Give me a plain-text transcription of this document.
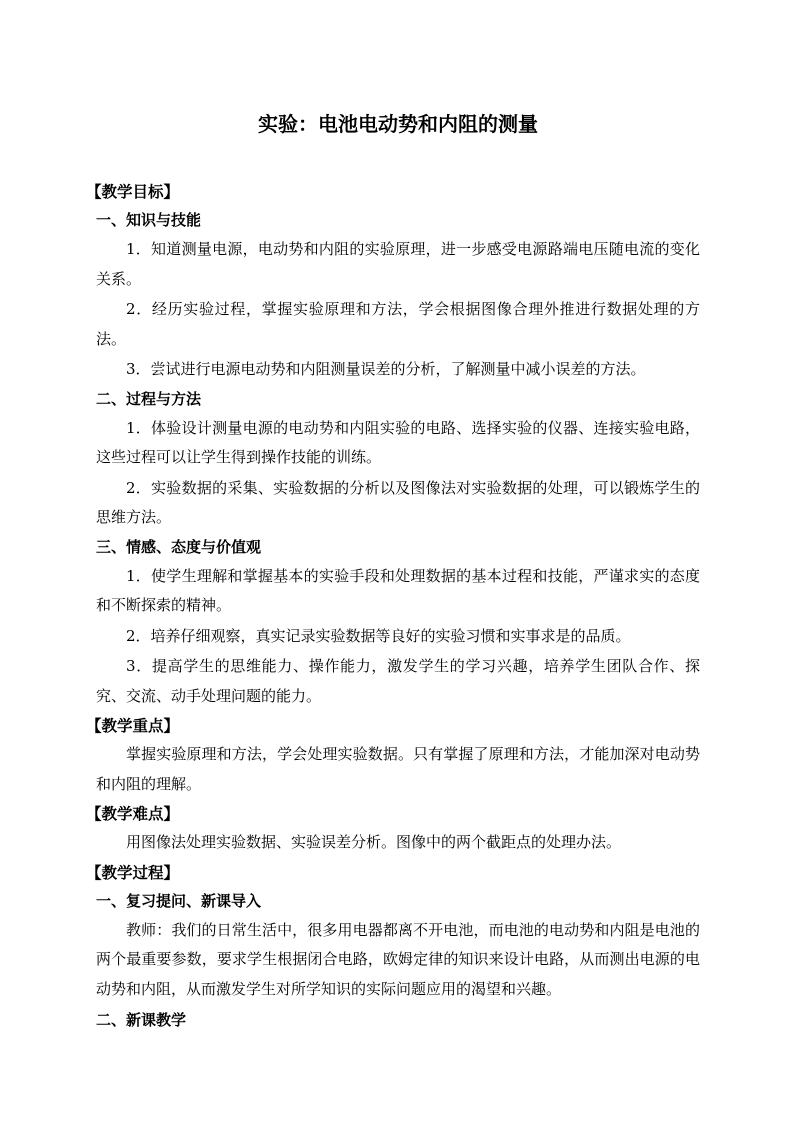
实验：电池电动势和内阻的测量

【教学目标】

一、知识与技能

1．知道测量电源，电动势和内阻的实验原理，进一步感受电源路端电压随电流的变化关系。

2．经历实验过程，掌握实验原理和方法，学会根据图像合理外推进行数据处理的方法。

3．尝试进行电源电动势和内阻测量误差的分析，了解测量中减小误差的方法。

二、过程与方法

1．体验设计测量电源的电动势和内阻实验的电路、选择实验的仪器、连接实验电路，这些过程可以让学生得到操作技能的训练。

2．实验数据的采集、实验数据的分析以及图像法对实验数据的处理，可以锻炼学生的思维方法。

三、情感、态度与价值观

1．使学生理解和掌握基本的实验手段和处理数据的基本过程和技能，严谨求实的态度和不断探索的精神。

2．培养仔细观察，真实记录实验数据等良好的实验习惯和实事求是的品质。

3．提高学生的思维能力、操作能力，激发学生的学习兴趣，培养学生团队合作、探究、交流、动手处理问题的能力。

【教学重点】

掌握实验原理和方法，学会处理实验数据。只有掌握了原理和方法，才能加深对电动势和内阻的理解。

【教学难点】

用图像法处理实验数据、实验误差分析。图像中的两个截距点的处理办法。

【教学过程】

一、复习提问、新课导入

教师：我们的日常生活中，很多用电器都离不开电池，而电池的电动势和内阻是电池的两个最重要参数，要求学生根据闭合电路，欧姆定律的知识来设计电路，从而测出电源的电动势和内阻，从而激发学生对所学知识的实际问题应用的渴望和兴趣。

二、新课教学
